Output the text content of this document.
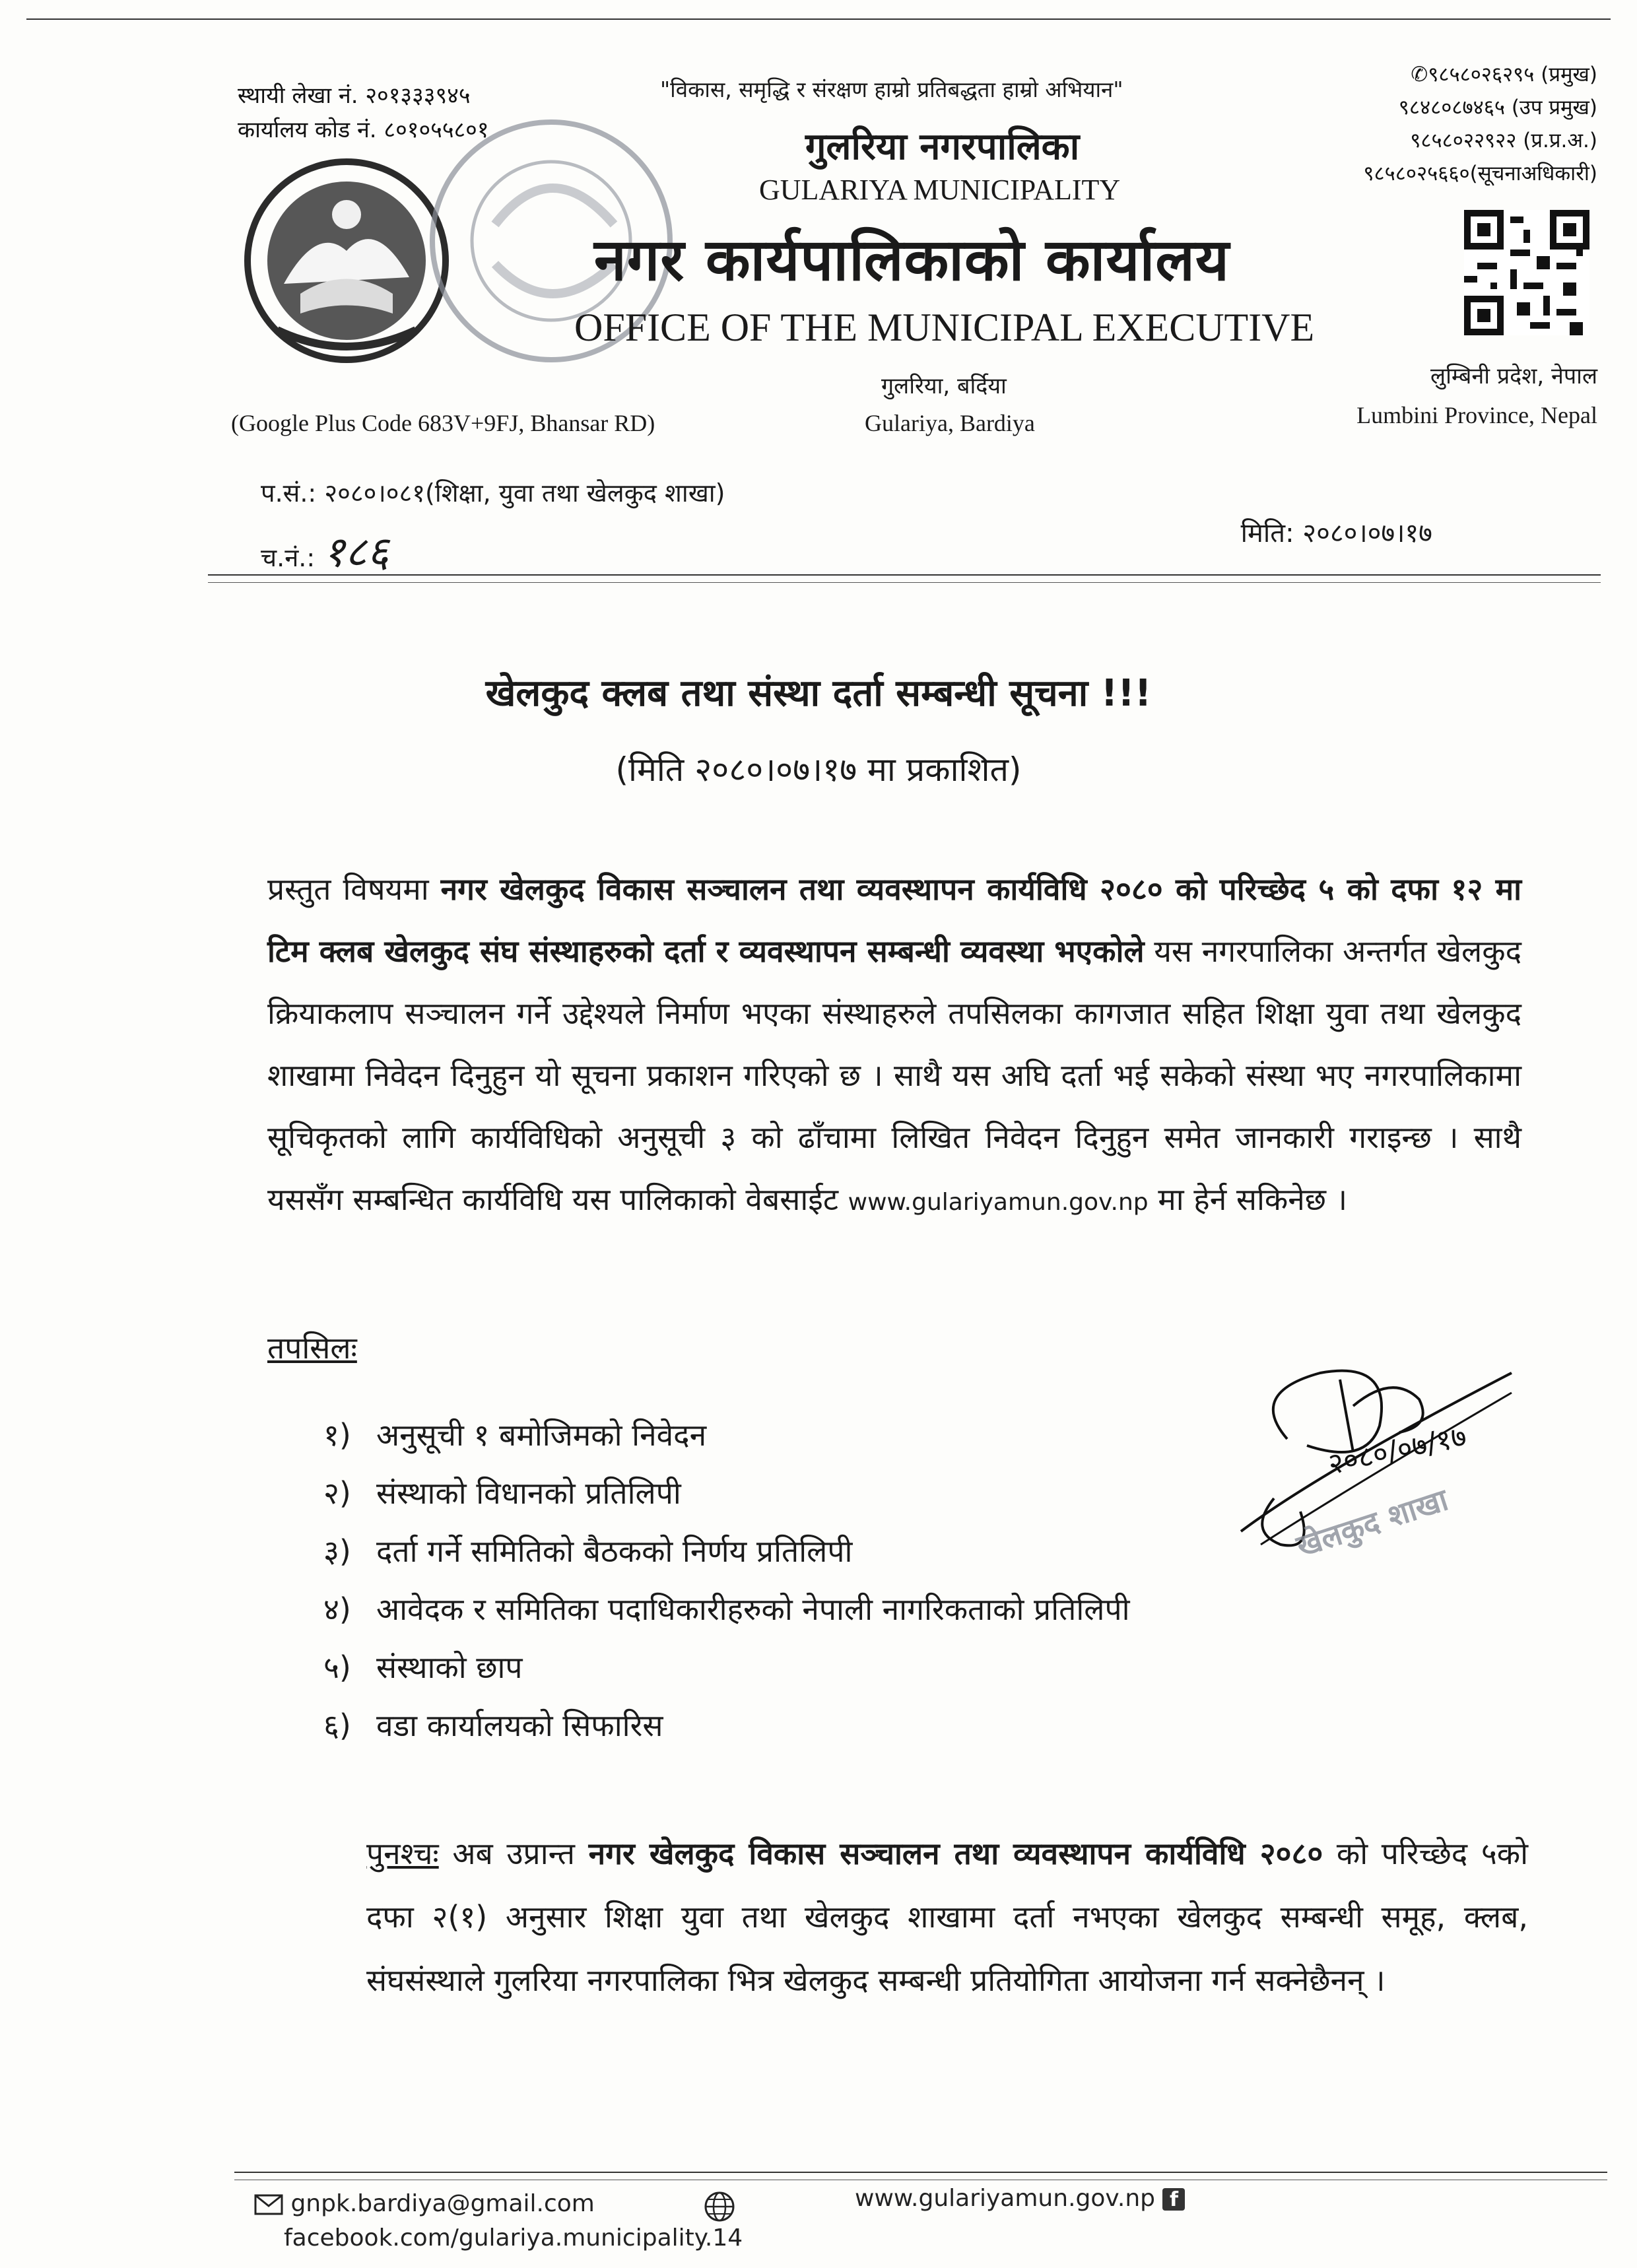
स्थायी लेखा नं. २०१३३३९४५
कार्यालय कोड नं. ८०१०५५८०१
"विकास, समृद्धि र संरक्षण हाम्रो प्रतिबद्धता हाम्रो अभियान"
गुलरिया नगरपालिका
GULARIYA MUNICIPALITY
नगर कार्यपालिकाको कार्यालय
OFFICE OF THE MUNICIPAL EXECUTIVE
✆९८५८०२६२९५ (प्रमुख)
९८४८०८७४६५ (उप प्रमुख)
९८५८०२२९२२ (प्र.प्र.अ.)
९८५८०२५६६०(सूचनाअधिकारी)
(Google Plus Code 683V+9FJ, Bhansar RD)
गुलरिया, बर्दिया
Gulariya, Bardiya
लुम्बिनी प्रदेश, नेपाल
Lumbini Province, Nepal
प.सं.: २०८०।०८१(शिक्षा, युवा तथा खेलकुद शाखा)
च.नं.: १८६	मिति: २०८०।०७।१७
खेलकुद क्लब तथा संस्था दर्ता सम्बन्धी सूचना !!!
(मिति २०८०।०७।१७ मा प्रकाशित)
प्रस्तुत विषयमा नगर खेलकुद विकास सञ्चालन तथा व्यवस्थापन कार्यविधि २०८० को परिच्छेद ५ को दफा १२ मा टिम क्लब खेलकुद संघ संस्थाहरुको दर्ता र व्यवस्थापन सम्बन्धी व्यवस्था भएकोले यस नगरपालिका अन्तर्गत खेलकुद क्रियाकलाप सञ्चालन गर्ने उद्देश्यले निर्माण भएका संस्थाहरुले तपसिलका कागजात सहित शिक्षा युवा तथा खेलकुद शाखामा निवेदन दिनुहुन यो सूचना प्रकाशन गरिएको छ । साथै यस अघि दर्ता भई सकेको संस्था भए नगरपालिकामा सूचिकृतको लागि कार्यविधिको अनुसूची ३ को ढाँचामा लिखित निवेदन दिनुहुन समेत जानकारी गराइन्छ । साथै यससँग सम्बन्धित कार्यविधि यस पालिकाको वेबसाईट www.gulariyamun.gov.np मा हेर्न सकिनेछ ।
तपसिलः
१) अनुसूची १ बमोजिमको निवेदन
२) संस्थाको विधानको प्रतिलिपी
३) दर्ता गर्ने समितिको बैठकको निर्णय प्रतिलिपी
४) आवेदक र समितिका पदाधिकारीहरुको नेपाली नागरिकताको प्रतिलिपी
५) संस्थाको छाप
६) वडा कार्यालयको सिफारिस
२०८०/०७/१७
खेलकुद शाखा
पुनश्चः अब उप्रान्त नगर खेलकुद विकास सञ्चालन तथा व्यवस्थापन कार्यविधि २०८० को परिच्छेद ५को दफा २(१) अनुसार शिक्षा युवा तथा खेलकुद शाखामा दर्ता नभएका खेलकुद सम्बन्धी समूह, क्लब, संघसंस्थाले गुलरिया नगरपालिका भित्र खेलकुद सम्बन्धी प्रतियोगिता आयोजना गर्न सक्नेछैनन् ।
gnpk.bardiya@gmail.com
facebook.com/gulariya.municipality.14
www.gulariyamun.gov.np f
